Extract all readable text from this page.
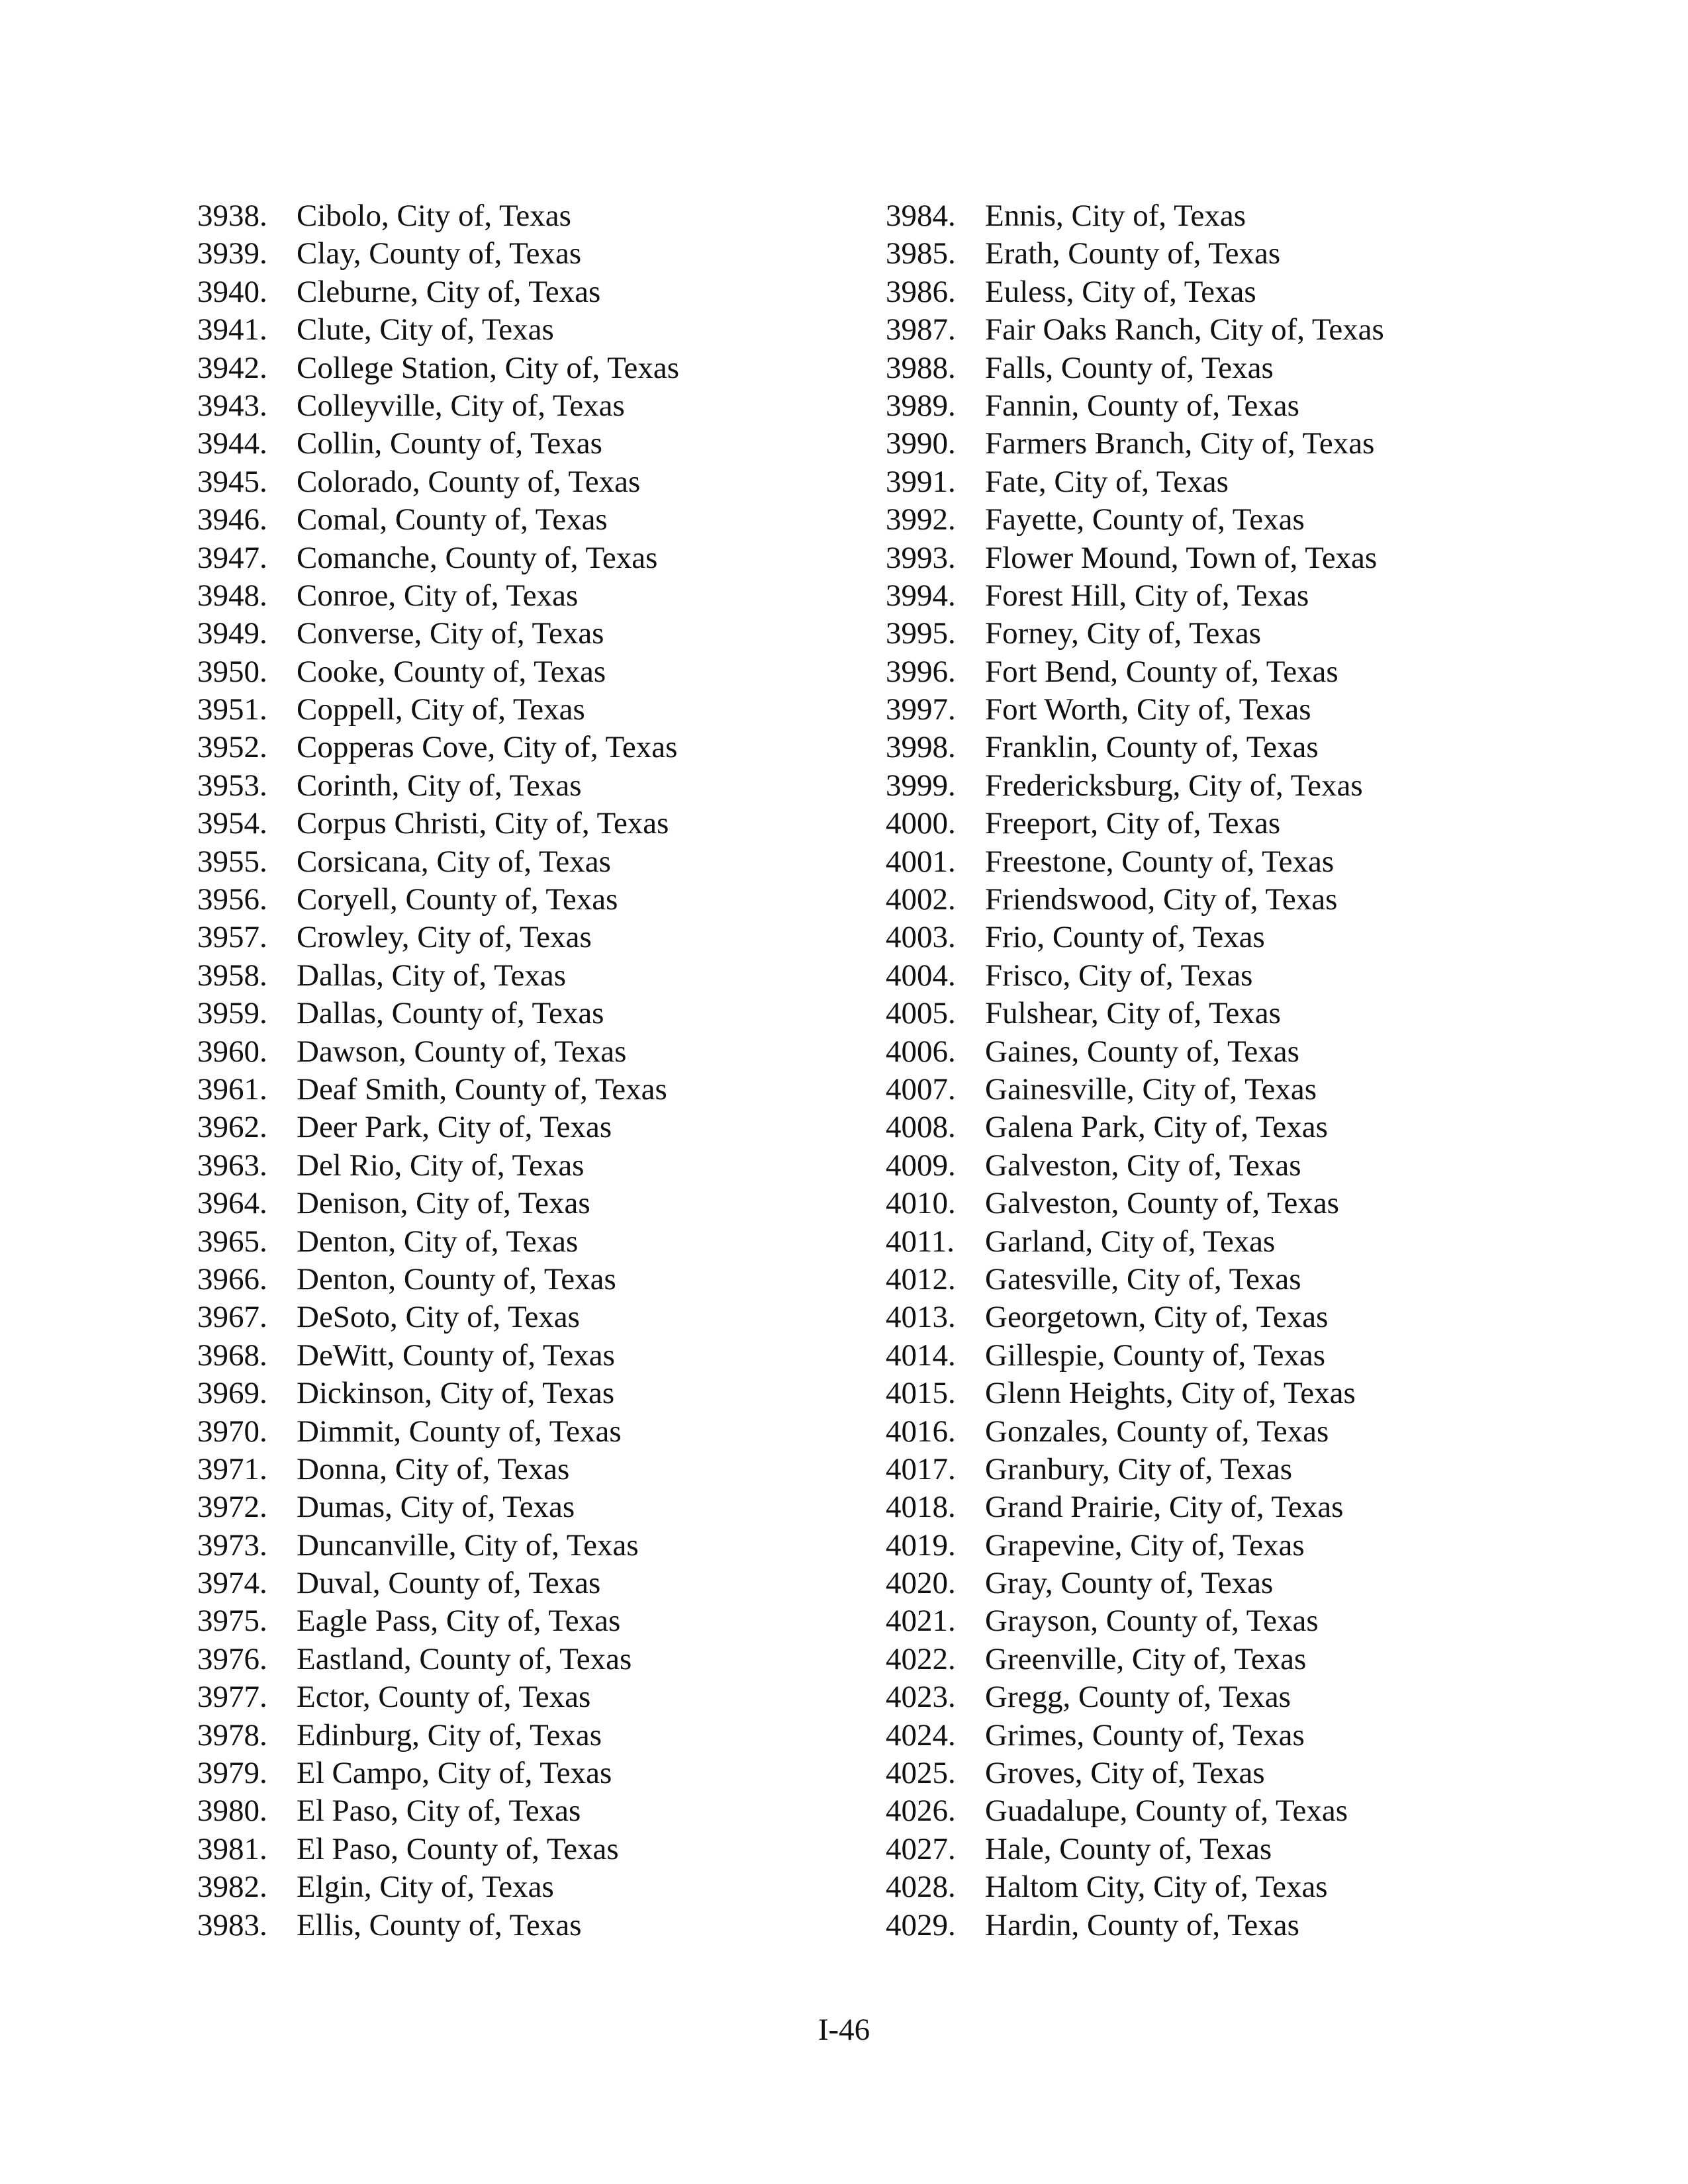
3938. Cibolo, City of, Texas
3939. Clay, County of, Texas
3940. Cleburne, City of, Texas
3941. Clute, City of, Texas
3942. College Station, City of, Texas
3943. Colleyville, City of, Texas
3944. Collin, County of, Texas
3945. Colorado, County of, Texas
3946. Comal, County of, Texas
3947. Comanche, County of, Texas
3948. Conroe, City of, Texas
3949. Converse, City of, Texas
3950. Cooke, County of, Texas
3951. Coppell, City of, Texas
3952. Copperas Cove, City of, Texas
3953. Corinth, City of, Texas
3954. Corpus Christi, City of, Texas
3955. Corsicana, City of, Texas
3956. Coryell, County of, Texas
3957. Crowley, City of, Texas
3958. Dallas, City of, Texas
3959. Dallas, County of, Texas
3960. Dawson, County of, Texas
3961. Deaf Smith, County of, Texas
3962. Deer Park, City of, Texas
3963. Del Rio, City of, Texas
3964. Denison, City of, Texas
3965. Denton, City of, Texas
3966. Denton, County of, Texas
3967. DeSoto, City of, Texas
3968. DeWitt, County of, Texas
3969. Dickinson, City of, Texas
3970. Dimmit, County of, Texas
3971. Donna, City of, Texas
3972. Dumas, City of, Texas
3973. Duncanville, City of, Texas
3974. Duval, County of, Texas
3975. Eagle Pass, City of, Texas
3976. Eastland, County of, Texas
3977. Ector, County of, Texas
3978. Edinburg, City of, Texas
3979. El Campo, City of, Texas
3980. El Paso, City of, Texas
3981. El Paso, County of, Texas
3982. Elgin, City of, Texas
3983. Ellis, County of, Texas
3984. Ennis, City of, Texas
3985. Erath, County of, Texas
3986. Euless, City of, Texas
3987. Fair Oaks Ranch, City of, Texas
3988. Falls, County of, Texas
3989. Fannin, County of, Texas
3990. Farmers Branch, City of, Texas
3991. Fate, City of, Texas
3992. Fayette, County of, Texas
3993. Flower Mound, Town of, Texas
3994. Forest Hill, City of, Texas
3995. Forney, City of, Texas
3996. Fort Bend, County of, Texas
3997. Fort Worth, City of, Texas
3998. Franklin, County of, Texas
3999. Fredericksburg, City of, Texas
4000. Freeport, City of, Texas
4001. Freestone, County of, Texas
4002. Friendswood, City of, Texas
4003. Frio, County of, Texas
4004. Frisco, City of, Texas
4005. Fulshear, City of, Texas
4006. Gaines, County of, Texas
4007. Gainesville, City of, Texas
4008. Galena Park, City of, Texas
4009. Galveston, City of, Texas
4010. Galveston, County of, Texas
4011. Garland, City of, Texas
4012. Gatesville, City of, Texas
4013. Georgetown, City of, Texas
4014. Gillespie, County of, Texas
4015. Glenn Heights, City of, Texas
4016. Gonzales, County of, Texas
4017. Granbury, City of, Texas
4018. Grand Prairie, City of, Texas
4019. Grapevine, City of, Texas
4020. Gray, County of, Texas
4021. Grayson, County of, Texas
4022. Greenville, City of, Texas
4023. Gregg, County of, Texas
4024. Grimes, County of, Texas
4025. Groves, City of, Texas
4026. Guadalupe, County of, Texas
4027. Hale, County of, Texas
4028. Haltom City, City of, Texas
4029. Hardin, County of, Texas
I-46
